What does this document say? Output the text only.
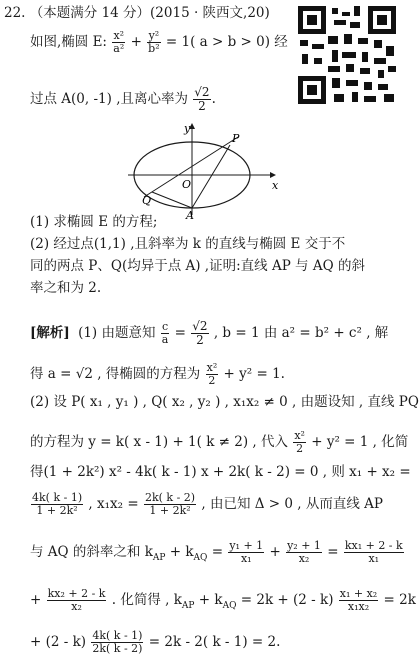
22. （本题满分 14 分）(2015 · 陕西文,20)
如图,椭圆 E: $\frac{\text{x²}}{\text{a²}} + \frac{\text{y²}}{\text{b²}} = 1$( a > b > 0) 经
过点 A(0, -1) ,且离心率为 $\frac{√2}{2}$ .
y
x
P
O
Q
A
(1) 求椭圆 E 的方程;
(2) 经过点(1,1) ,且斜率为 k 的直线与椭圆 E 交于不
同的两点 P、Q(均异于点 A) ,证明:直线 AP 与 AQ 的斜
率之和为 2.
[解析] (1) 由题意知 $\frac{c}{a} = \frac{√2}{2}$ , b = 1 由 a² = b² + c² , 解
得 a = √2 , 得椭圆的方程为 $\frac{\text{x²}}{2} + y^2 = 1$.
(2) 设 P( x₁ , y₁ ) , Q( x₂ , y₂ ) , x₁x₂ ≠ 0 , 由题设知 , 直线 PQ
的方程为 y = k( x - 1) + 1( k ≠ 2) , 代入 $\frac{\text{x²}}{2} + y^2 = 1$ , 化简
得(1 + 2k²) x² - 4k( k - 1) x + 2k( k - 2) = 0 , 则 x₁ + x₂ =
$\frac{4k( k - 1)}{\text{1 + 2k²}}$ , $x_1x_2 = \frac{2k( k - 2)}{\text{1 + 2k²}}$ , 由已知 Δ > 0 , 从而直线 AP
与 AQ 的斜率之和 $k_{AP} + k_{AQ} = \frac{\text{y₁ + 1}}{\text{x₁}} + \frac{\text{y₂ + 1}}{\text{x₂}} = \frac{\text{kx₁ + 2 - k}}{\text{x₁}}$
+ $\frac{\text{kx₂ + 2 - k}}{\text{x₂}}$ . 化简得 , $k_{AP} + k_{AQ} = 2k + (2 - k) \frac{\text{x₁ + x₂}}{\text{x₁x₂}} = 2k$
+ $(2 - k) \frac{4k( k - 1)}{2k( k - 2)} = 2k - 2$( k - 1) = 2.
